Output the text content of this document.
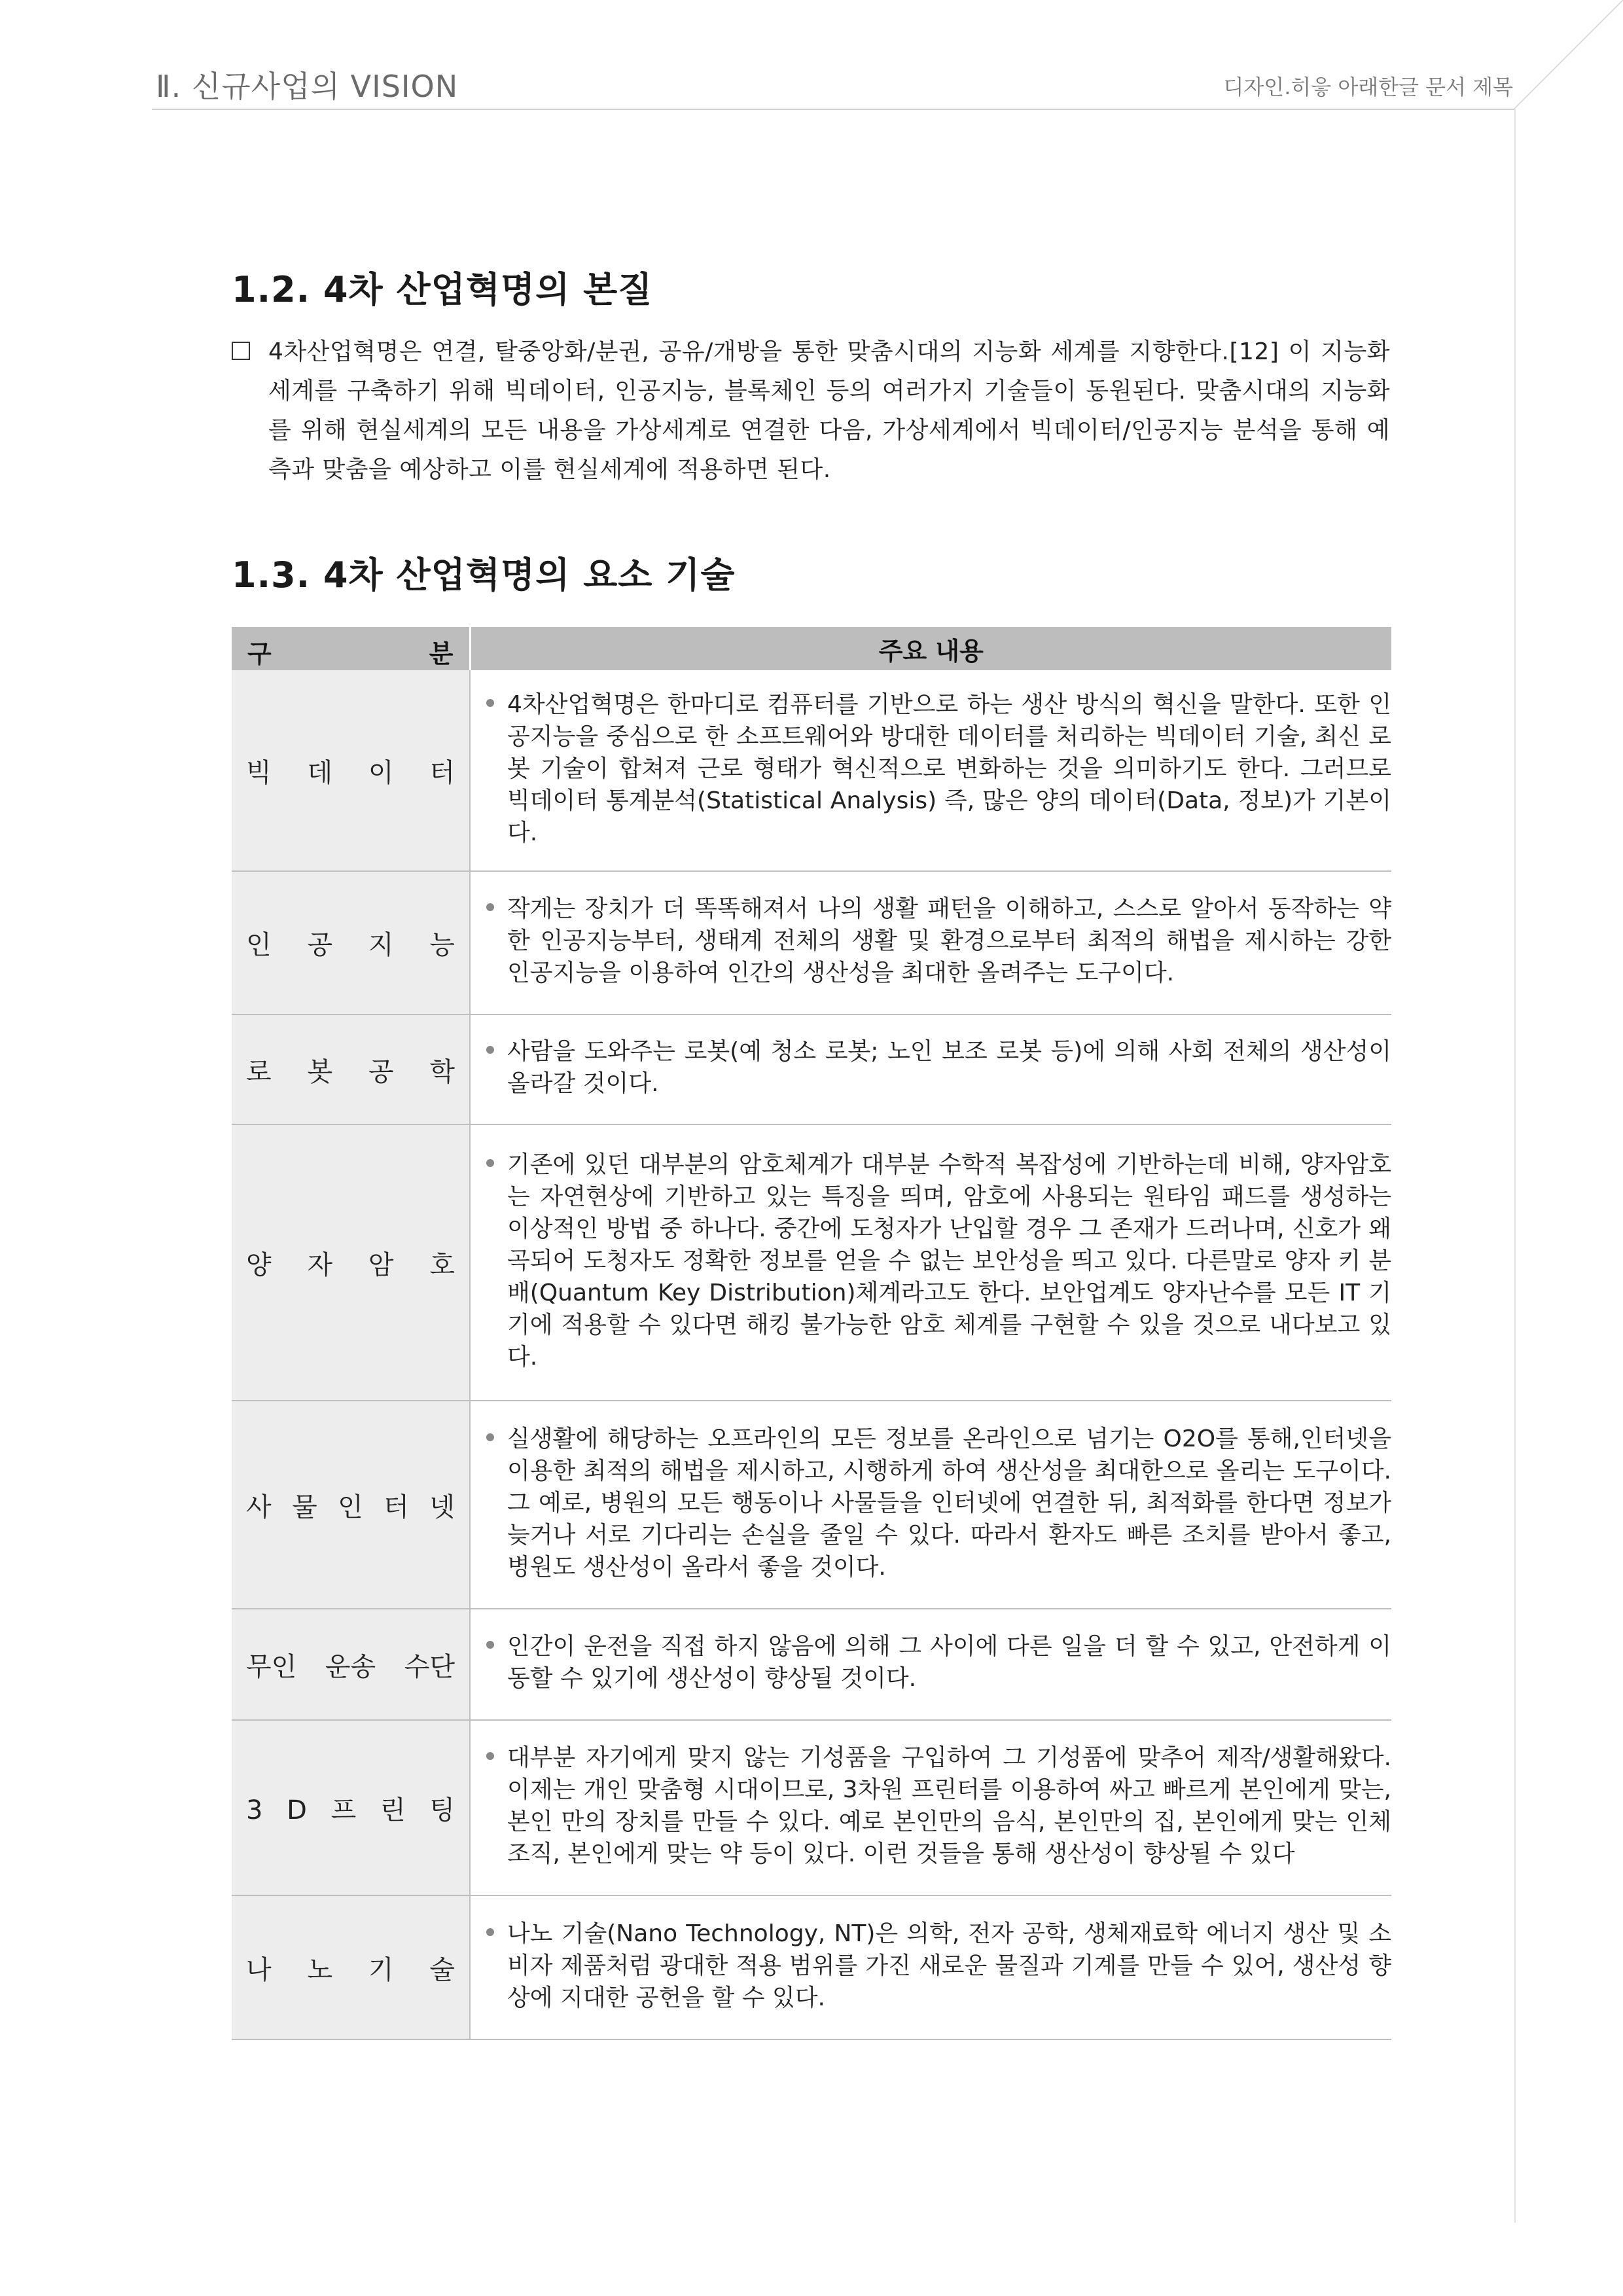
Ⅱ. 신규사업의 VISION	디자인.히읗 아래한글 문서 제목
1.2. 4차 산업혁명의 본질
4차산업혁명은 연결, 탈중앙화/분권, 공유/개방을 통한 맞춤시대의 지능화 세계를 지향한다.[12] 이 지능화 세계를 구축하기 위해 빅데이터, 인공지능, 블록체인 등의 여러가지 기술들이 동원된다. 맞춤시대의 지능화를 위해 현실세계의 모든 내용을 가상세계로 연결한 다음, 가상세계에서 빅데이터/인공지능 분석을 통해 예측과 맞춤을 예상하고 이를 현실세계에 적용하면 된다.
1.3. 4차 산업혁명의 요소 기술
구 분	주요 내용
빅 데 이 터	4차산업혁명은 한마디로 컴퓨터를 기반으로 하는 생산 방식의 혁신을 말한다. 또한 인공지능을 중심으로 한 소프트웨어와 방대한 데이터를 처리하는 빅데이터 기술, 최신 로봇 기술이 합쳐져 근로 형태가 혁신적으로 변화하는 것을 의미하기도 한다. 그러므로 빅데이터 통계분석(Statistical Analysis) 즉, 많은 양의 데이터(Data, 정보)가 기본이다.

인 공 지 능	작게는 장치가 더 똑똑해져서 나의 생활 패턴을 이해하고, 스스로 알아서 동작하는 약한 인공지능부터, 생태계 전체의 생활 및 환경으로부터 최적의 해법을 제시하는 강한 인공지능을 이용하여 인간의 생산성을 최대한 올려주는 도구이다.

로 봇 공 학	사람을 도와주는 로봇(예 청소 로봇; 노인 보조 로봇 등)에 의해 사회 전체의 생산성이 올라갈 것이다.

양 자 암 호	기존에 있던 대부분의 암호체계가 대부분 수학적 복잡성에 기반하는데 비해, 양자암호는 자연현상에 기반하고 있는 특징을 띄며, 암호에 사용되는 원타임 패드를 생성하는 이상적인 방법 중 하나다. 중간에 도청자가 난입할 경우 그 존재가 드러나며, 신호가 왜곡되어 도청자도 정확한 정보를 얻을 수 없는 보안성을 띄고 있다. 다른말로 양자 키 분배(Quantum Key Distribution)체계라고도 한다. 보안업계도 양자난수를 모든 IT 기기에 적용할 수 있다면 해킹 불가능한 암호 체계를 구현할 수 있을 것으로 내다보고 있다.

사 물 인 터 넷	실생활에 해당하는 오프라인의 모든 정보를 온라인으로 넘기는 O2O를 통해,인터넷을 이용한 최적의 해법을 제시하고, 시행하게 하여 생산성을 최대한으로 올리는 도구이다. 그 예로, 병원의 모든 행동이나 사물들을 인터넷에 연결한 뒤, 최적화를 한다면 정보가 늦거나 서로 기다리는 손실을 줄일 수 있다. 따라서 환자도 빠른 조치를 받아서 좋고, 병원도 생산성이 올라서 좋을 것이다.

무인 운송 수단	인간이 운전을 직접 하지 않음에 의해 그 사이에 다른 일을 더 할 수 있고, 안전하게 이동할 수 있기에 생산성이 향상될 것이다.

3 D 프 린 팅	대부분 자기에게 맞지 않는 기성품을 구입하여 그 기성품에 맞추어 제작/생활해왔다. 이제는 개인 맞춤형 시대이므로, 3차원 프린터를 이용하여 싸고 빠르게 본인에게 맞는, 본인 만의 장치를 만들 수 있다. 예로 본인만의 음식, 본인만의 집, 본인에게 맞는 인체조직, 본인에게 맞는 약 등이 있다. 이런 것들을 통해 생산성이 향상될 수 있다

나 노 기 술	나노 기술(Nano Technology, NT)은 의학, 전자 공학, 생체재료학 에너지 생산 및 소비자 제품처럼 광대한 적용 범위를 가진 새로운 물질과 기계를 만들 수 있어, 생산성 향상에 지대한 공헌을 할 수 있다.
